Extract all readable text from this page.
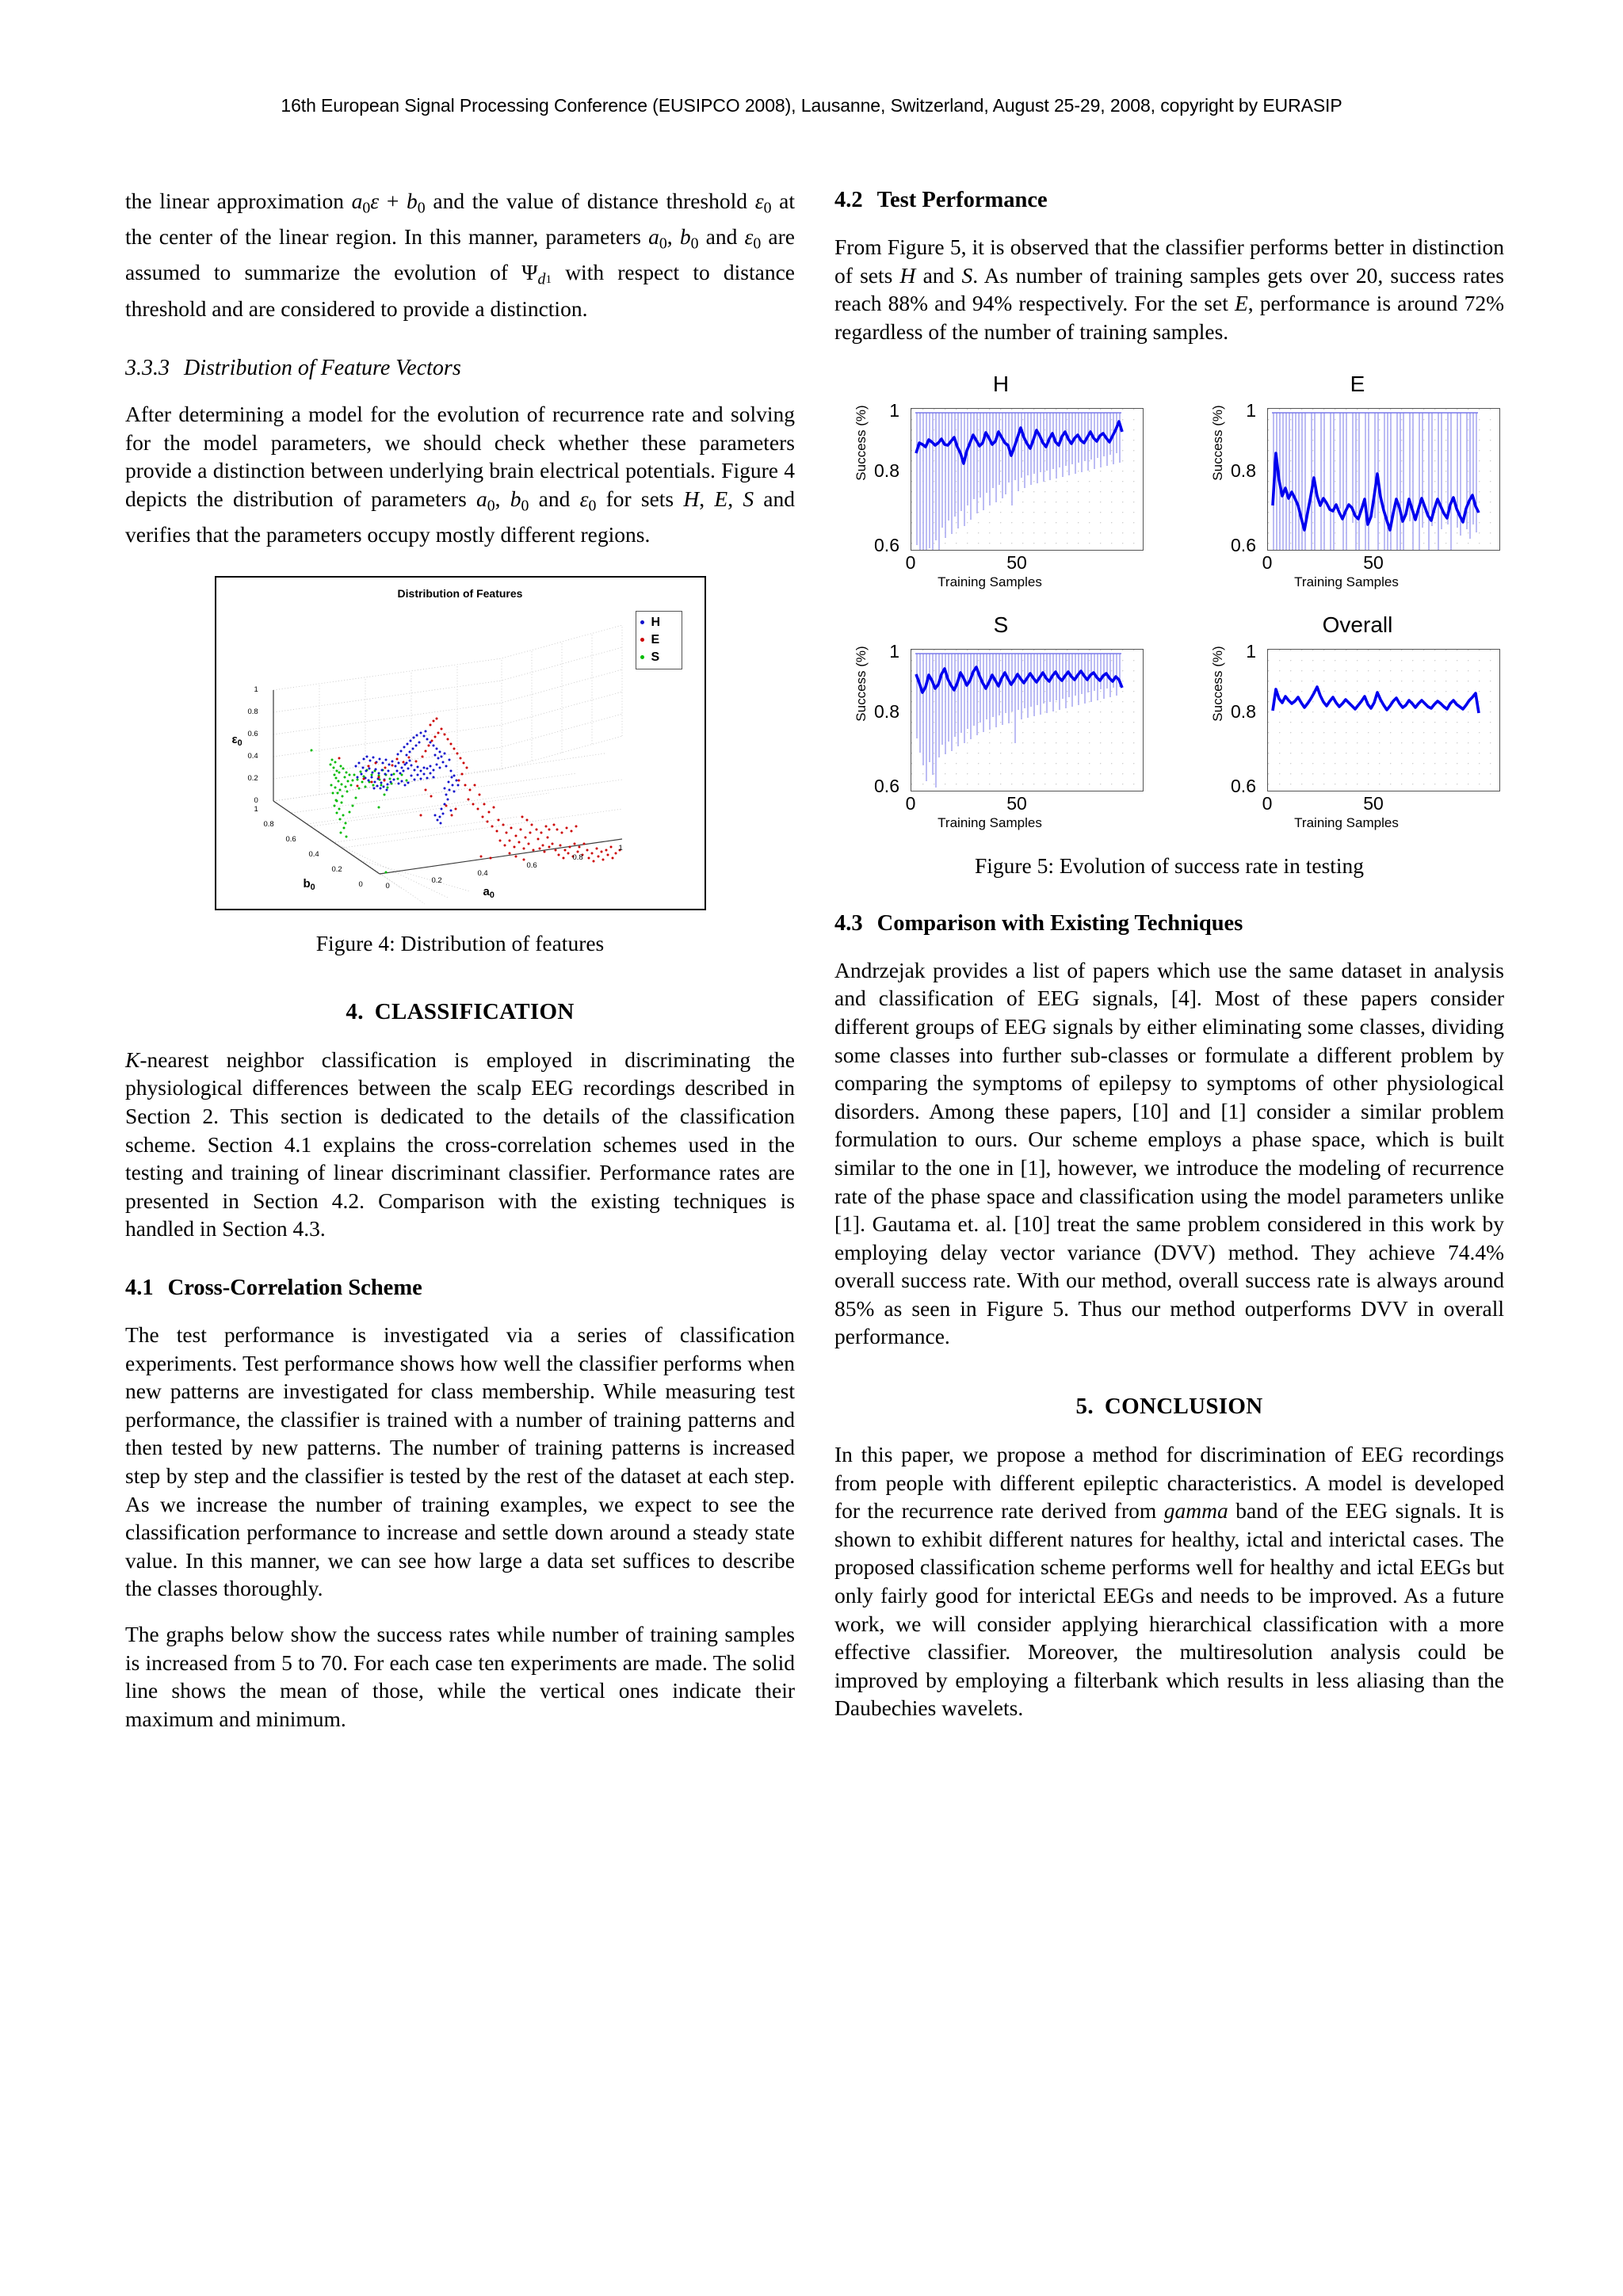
16th European Signal Processing Conference (EUSIPCO 2008), Lausanne, Switzerland, August 25-29, 2008, copyright by EURASIP

the linear approximation $a_0\varepsilon + b_0$ and the value of distance threshold $\varepsilon_0$ at the center of the linear region. In this manner, parameters $a_0$, $b_0$ and $\varepsilon_0$ are assumed to summarize the evolution of $\Psi_d1$ with respect to distance threshold and are considered to provide a distinction.

3.3.3 Distribution of Feature Vectors

After determining a model for the evolution of recurrence rate and solving for the model parameters, we should check whether these parameters provide a distinction between underlying brain electrical potentials. Figure 4 depicts the distribution of parameters $a_0$, $b_0$ and $\varepsilon_0$ for sets H, E, S and verifies that the parameters occupy mostly different regions.

Distribution of Features
1
0.8
0.6
0.4
0.2
0
1
0.8
0.6
0.4
0.2
0	0
0.2
0.4
0.6
0.8
1
$\varepsilon_0$
$b_0$	$a_0$
H
E
S
Figure 4: Distribution of features
4. CLASSIFICATION

K-nearest neighbor classification is employed in discriminating the physiological differences between the scalp EEG recordings described in Section 2. This section is dedicated to the details of the classification scheme. Section 4.1 explains the cross-correlation schemes used in the testing and training of linear discriminant classifier. Performance rates are presented in Section 4.2. Comparison with the existing techniques is handled in Section 4.3.

4.1 Cross-Correlation Scheme

The test performance is investigated via a series of classification experiments. Test performance shows how well the classifier performs when new patterns are investigated for class membership. While measuring test performance, the classifier is trained with a number of training patterns and then tested by new patterns. The number of training patterns is increased step by step and the classifier is tested by the rest of the dataset at each step. As we increase the number of training examples, we expect to see the classification performance to increase and settle down around a steady state value. In this manner, we can see how large a data set suffices to describe the classes thoroughly.

The graphs below show the success rates while number of training samples is increased from 5 to 70. For each case ten experiments are made. The solid line shows the mean of those, while the vertical ones indicate their maximum and minimum.

4.2 Test Performance

From Figure 5, it is observed that the classifier performs better in distinction of sets H and S. As number of training samples gets over 20, success rates reach 88% and 94% respectively. For the set E, performance is around 72% regardless of the number of training samples.

H
Success (%)	1
0.8
0.6
0	50
Training Samples
E
Success (%)	1
0.8
0.6
0	50
Training Samples
S
Success (%)	1
0.8
0.6
0	50
Training Samples
Overall
Success (%)	1
0.8
0.6
0	50
Training Samples
Figure 5: Evolution of success rate in testing
4.3 Comparison with Existing Techniques

Andrzejak provides a list of papers which use the same dataset in analysis and classification of EEG signals, [4]. Most of these papers consider different groups of EEG signals by either eliminating some classes, dividing some classes into further sub-classes or formulate a different problem by comparing the symptoms of epilepsy to symptoms of other physiological disorders. Among these papers, [10] and [1] consider a similar problem formulation to ours. Our scheme employs a phase space, which is built similar to the one in [1], however, we introduce the modeling of recurrence rate of the phase space and classification using the model parameters unlike [1]. Gautama et. al. [10] treat the same problem considered in this work by employing delay vector variance (DVV) method. They achieve 74.4% overall success rate. With our method, overall success rate is always around 85% as seen in Figure 5. Thus our method outperforms DVV in overall performance.

5. CONCLUSION

In this paper, we propose a method for discrimination of EEG recordings from people with different epileptic characteristics. A model is developed for the recurrence rate derived from gamma band of the EEG signals. It is shown to exhibit different natures for healthy, ictal and interictal cases. The proposed classification scheme performs well for healthy and ictal EEGs but only fairly good for interictal EEGs and needs to be improved. As a future work, we will consider applying hierarchical classification with a more effective classifier. Moreover, the multiresolution analysis could be improved by employing a filterbank which results in less aliasing than the Daubechies wavelets.
